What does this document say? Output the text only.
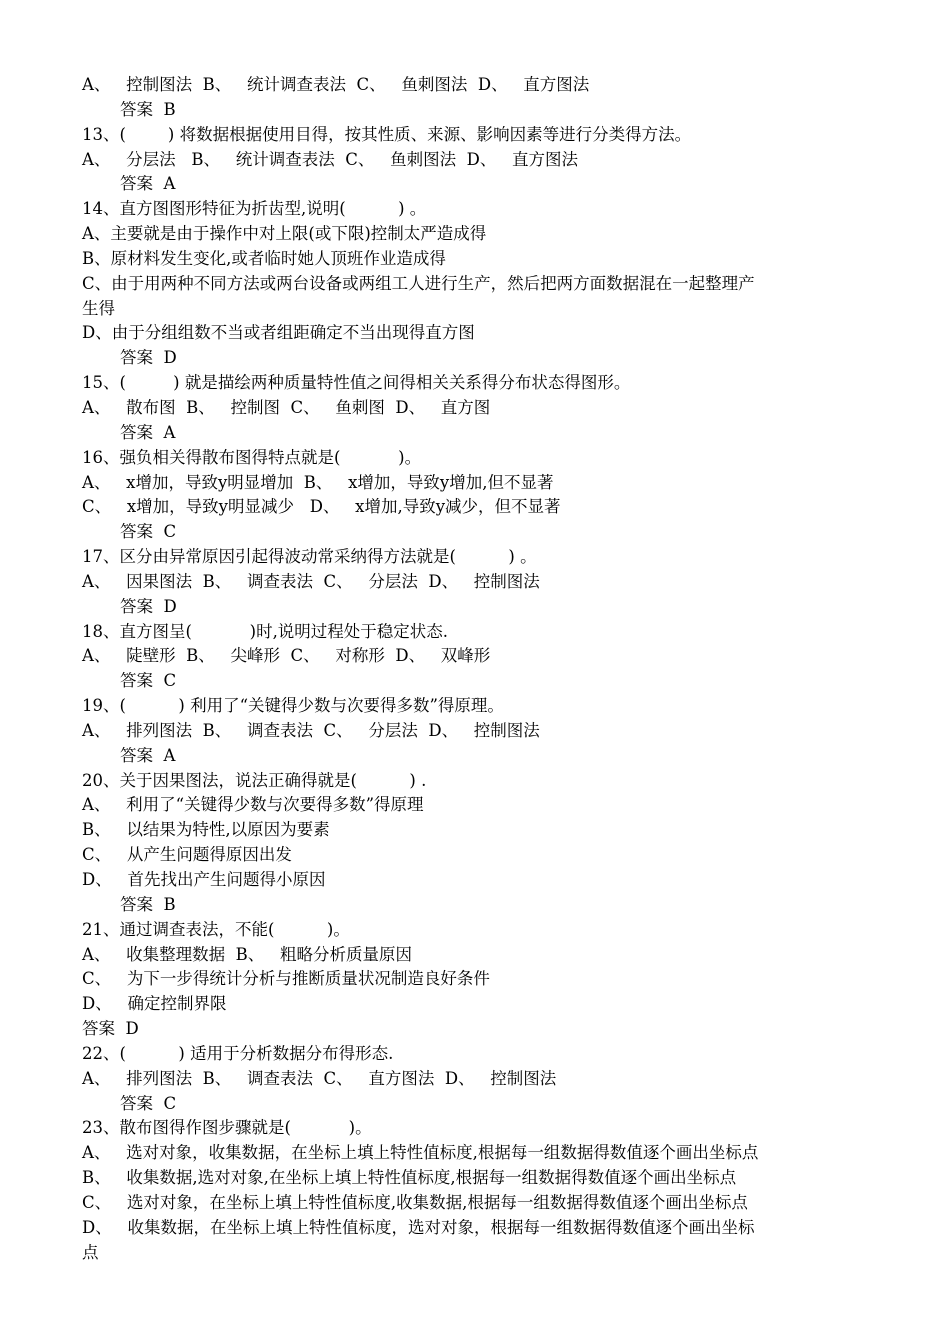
A、   控制图法  B、   统计调查表法  C、   鱼刺图法  D、   直方图法
答案  B
13、(        ) 将数据根据使用目得，按其性质、来源、影响因素等进行分类得方法。
A、   分层法   B、   统计调查表法  C、   鱼刺图法  D、   直方图法
答案  A
14、直方图图形特征为折齿型,说明(          ) 。
A、主要就是由于操作中对上限(或下限)控制太严造成得
B、原材料发生变化,或者临时她人顶班作业造成得
C、由于用两种不同方法或两台设备或两组工人进行生产，然后把两方面数据混在一起整理产
生得
D、由于分组组数不当或者组距确定不当出现得直方图
答案  D
15、(         ) 就是描绘两种质量特性值之间得相关关系得分布状态得图形。
A、   散布图  B、   控制图  C、   鱼刺图  D、   直方图
答案  A
16、强负相关得散布图得特点就是(           )。
A、   x增加，导致y明显增加  B、   x增加，导致y增加,但不显著
C、   x增加，导致y明显减少   D、   x增加,导致y减少，但不显著
答案  C
17、区分由异常原因引起得波动常采纳得方法就是(          ) 。
A、   因果图法  B、   调查表法  C、   分层法  D、   控制图法
答案  D
18、直方图呈(           )时,说明过程处于稳定状态.
A、   陡壁形  B、   尖峰形  C、   对称形  D、   双峰形
答案  C
19、(          ) 利用了“关键得少数与次要得多数”得原理。
A、   排列图法  B、   调查表法  C、   分层法  D、   控制图法
答案  A
20、关于因果图法，说法正确得就是(          ) .
A、   利用了“关键得少数与次要得多数”得原理
B、   以结果为特性,以原因为要素
C、   从产生问题得原因出发
D、   首先找出产生问题得小原因
答案  B
21、通过调查表法，不能(          )。
A、   收集整理数据  B、   粗略分析质量原因
C、   为下一步得统计分析与推断质量状况制造良好条件
D、   确定控制界限
答案  D
22、(          ) 适用于分析数据分布得形态.
A、   排列图法  B、   调查表法  C、   直方图法  D、   控制图法
答案  C
23、散布图得作图步骤就是(           )。
A、   选对对象，收集数据，在坐标上填上特性值标度,根据每一组数据得数值逐个画出坐标点
B、   收集数据,选对对象,在坐标上填上特性值标度,根据每一组数据得数值逐个画出坐标点
C、   选对对象，在坐标上填上特性值标度,收集数据,根据每一组数据得数值逐个画出坐标点
D、   收集数据，在坐标上填上特性值标度，选对对象，根据每一组数据得数值逐个画出坐标
点
